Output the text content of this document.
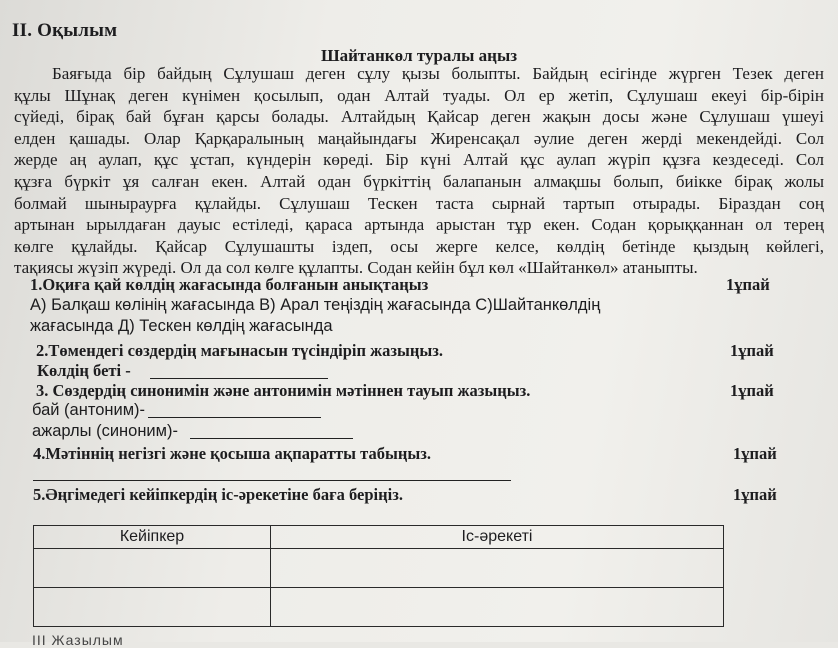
II. Оқылым
Шайтанкөл туралы аңыз
Баяғыда бір байдың Сұлушаш деген сұлу қызы болыпты. Байдың есігінде жүрген Тезек деген
құлы Шұнақ деген күнімен қосылып, одан Алтай туады. Ол ер жетіп, Сұлушаш екеуі бір-бірін
сүйеді, бірақ бай бұған қарсы болады. Алтайдың Қайсар деген жақын досы және Сұлушаш үшеуі
елден қашады. Олар Қарқаралының маңайындағы Жиренсақал әулие деген жерді мекендейді. Сол
жерде аң аулап, құс ұстап, күндерін көреді. Бір күні Алтай құс аулап жүріп құзға кездеседі. Сол
құзға бүркіт ұя салған екен. Алтай одан бүркіттің балапанын алмақшы болып, биікке бірақ жолы
болмай шыныраурға құлайды. Сұлушаш Тескен таста сырнай тартып отырады. Біраздан соң
артынан ырылдаған дауыс естіледі, қараса артында арыстан тұр екен. Содан қорыққаннан ол терең
көлге құлайды. Қайсар Сұлушашты іздеп, осы жерге келсе, көлдің бетінде қыздың көйлегі,
тақиясы жүзіп жүреді. Ол да сол көлге құлапты. Содан кейін бұл көл «Шайтанкөл» атаныпты.
1.Оқиға қай көлдің жағасында болғанын анықтаңыз	1ұпай
А) Балқаш көлінің жағасында В) Арал теңіздің жағасында С)Шайтанкөлдің
жағасында Д) Тескен көлдің жағасында
2.Төмендегі сөздердің мағынасын түсіндіріп жазыңыз.	1ұпай
Көлдің беті -
3. Сөздердің синонимін және антонимін мәтіннен тауып жазыңыз.	1ұпай
бай (антоним)-
ажарлы (синоним)-
4.Мәтіннің негізгі және қосыша ақпаратты табыңыз.	1ұпай
5.Әңгімедегі кейіпкердің іс-әрекетіне баға беріңіз.	1ұпай
Кейіпкер	Іс-әрекеті

III Жазылым
